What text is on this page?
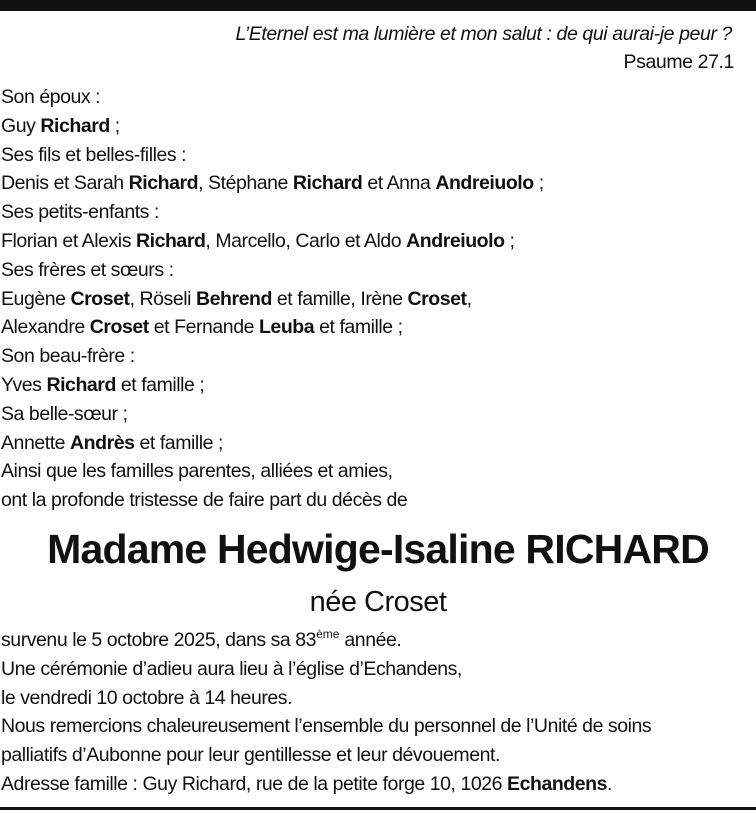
L’Eternel est ma lumière et mon salut : de qui aurai-je peur ?
Psaume 27.1
Son époux :
Guy Richard ;
Ses fils et belles-filles :
Denis et Sarah Richard, Stéphane Richard et Anna Andreiuolo ;
Ses petits-enfants :
Florian et Alexis Richard, Marcello, Carlo et Aldo Andreiuolo ;
Ses frères et sœurs :
Eugène Croset, Röseli Behrend et famille, Irène Croset,
Alexandre Croset et Fernande Leuba et famille ;
Son beau-frère :
Yves Richard et famille ;
Sa belle-sœur ;
Annette Andrès et famille ;
Ainsi que les familles parentes, alliées et amies,
ont la profonde tristesse de faire part du décès de
Madame Hedwige-Isaline RICHARD
née Croset
survenu le 5 octobre 2025, dans sa 83ème année.
Une cérémonie d’adieu aura lieu à l’église d’Echandens,
le vendredi 10 octobre à 14 heures.
Nous remercions chaleureusement l’ensemble du personnel de l’Unité de soins
palliatifs d’Aubonne pour leur gentillesse et leur dévouement.
Adresse famille : Guy Richard, rue de la petite forge 10, 1026 Echandens.
